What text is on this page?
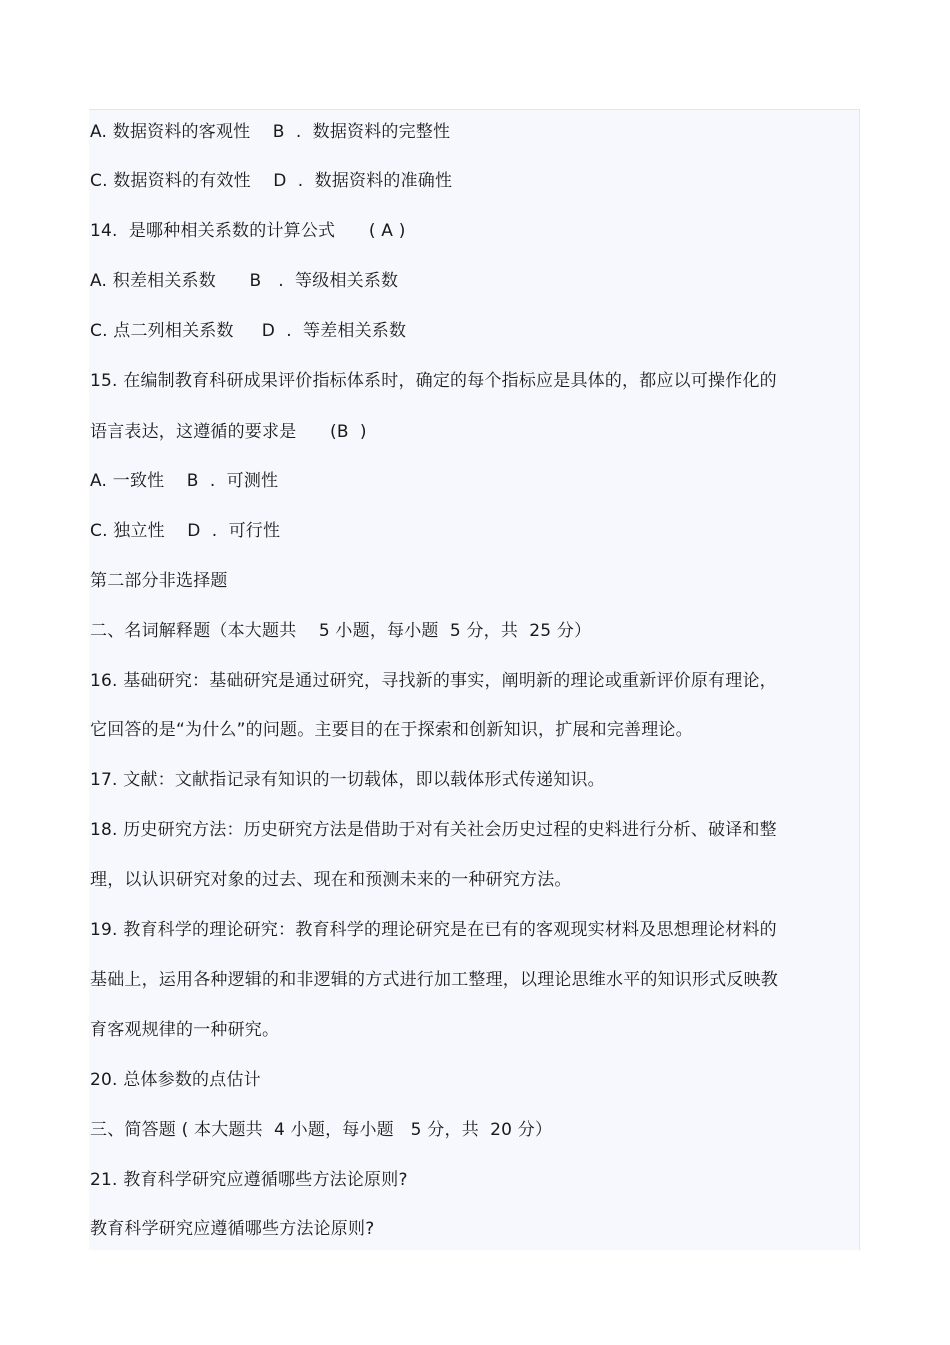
A. 数据资料的客观性    B  .  数据资料的完整性
C. 数据资料的有效性    D  .  数据资料的准确性
14.  是哪种相关系数的计算公式      ( A )
A. 积差相关系数      B   .  等级相关系数
C. 点二列相关系数     D  .  等差相关系数
15. 在编制教育科研成果评价指标体系时，确定的每个指标应是具体的，都应以可操作化的
语言表达，这遵循的要求是      (B  )
A. 一致性    B  .  可测性
C. 独立性    D  .  可行性
第二部分非选择题
二、名词解释题（本大题共    5 小题，每小题  5 分，共  25 分）
16. 基础研究：基础研究是通过研究，寻找新的事实，阐明新的理论或重新评价原有理论，
它回答的是“为什么”的问题。主要目的在于探索和创新知识，扩展和完善理论。
17. 文献：文献指记录有知识的一切载体，即以载体形式传递知识。
18. 历史研究方法：历史研究方法是借助于对有关社会历史过程的史料进行分析、破译和整
理，以认识研究对象的过去、现在和预测未来的一种研究方法。
19. 教育科学的理论研究：教育科学的理论研究是在已有的客观现实材料及思想理论材料的
基础上，运用各种逻辑的和非逻辑的方式进行加工整理，以理论思维水平的知识形式反映教
育客观规律的一种研究。
20. 总体参数的点估计
三、简答题 ( 本大题共  4 小题，每小题   5 分，共  20 分）
21. 教育科学研究应遵循哪些方法论原则?
教育科学研究应遵循哪些方法论原则?
